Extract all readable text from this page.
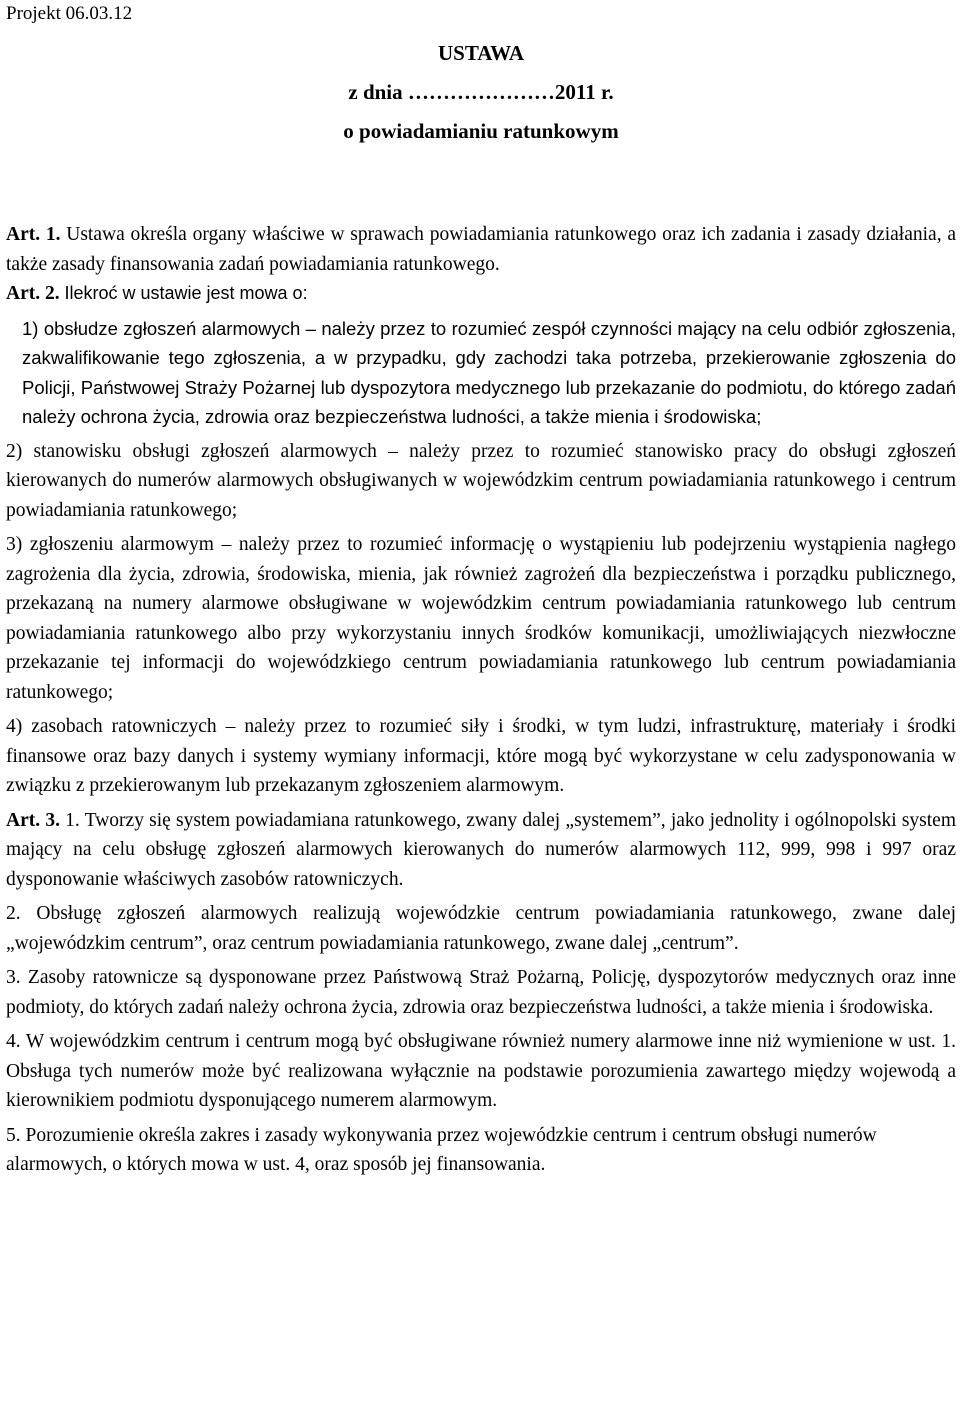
Projekt 06.03.12
USTAWA
z dnia …………………2011 r.
o powiadamianiu ratunkowym

Art. 1. Ustawa określa organy właściwe w sprawach powiadamiania ratunkowego oraz ich zadania i zasady działania, a także zasady finansowania zadań powiadamiania ratunkowego.

Art. 2. Ilekroć w ustawie jest mowa o:

1) obsłudze zgłoszeń alarmowych – należy przez to rozumieć zespół czynności mający na celu odbiór zgłoszenia, zakwalifikowanie tego zgłoszenia, a w przypadku, gdy zachodzi taka potrzeba, przekierowanie zgłoszenia do Policji, Państwowej Straży Pożarnej lub dyspozytora medycznego lub przekazanie do podmiotu, do którego zadań należy ochrona życia, zdrowia oraz bezpieczeństwa ludności, a także mienia i środowiska;

2) stanowisku obsługi zgłoszeń alarmowych – należy przez to rozumieć stanowisko pracy do obsługi zgłoszeń kierowanych do numerów alarmowych obsługiwanych w wojewódzkim centrum powiadamiania ratunkowego i centrum powiadamiania ratunkowego;

3) zgłoszeniu alarmowym – należy przez to rozumieć informację o wystąpieniu lub podejrzeniu wystąpienia nagłego zagrożenia dla życia, zdrowia, środowiska, mienia, jak również zagrożeń dla bezpieczeństwa i porządku publicznego, przekazaną na numery alarmowe obsługiwane w wojewódzkim centrum powiadamiania ratunkowego lub centrum powiadamiania ratunkowego albo przy wykorzystaniu innych środków komunikacji, umożliwiających niezwłoczne przekazanie tej informacji do wojewódzkiego centrum powiadamiania ratunkowego lub centrum powiadamiania ratunkowego;

4) zasobach ratowniczych – należy przez to rozumieć siły i środki, w tym ludzi, infrastrukturę, materiały i środki finansowe oraz bazy danych i systemy wymiany informacji, które mogą być wykorzystane w celu zadysponowania w związku z przekierowanym lub przekazanym zgłoszeniem alarmowym.

Art. 3. 1. Tworzy się system powiadamiana ratunkowego, zwany dalej „systemem”, jako jednolity i ogólnopolski system mający na celu obsługę zgłoszeń alarmowych kierowanych do numerów alarmowych 112, 999, 998 i 997 oraz dysponowanie właściwych zasobów ratowniczych.

2. Obsługę zgłoszeń alarmowych realizują wojewódzkie centrum powiadamiania ratunkowego, zwane dalej „wojewódzkim centrum”, oraz centrum powiadamiania ratunkowego, zwane dalej „centrum”.

3. Zasoby ratownicze są dysponowane przez Państwową Straż Pożarną, Policję, dyspozytorów medycznych oraz inne podmioty, do których zadań należy ochrona życia, zdrowia oraz bezpieczeństwa ludności, a także mienia i środowiska.

4. W wojewódzkim centrum i centrum mogą być obsługiwane również numery alarmowe inne niż wymienione w ust. 1. Obsługa tych numerów może być realizowana wyłącznie na podstawie porozumienia zawartego między wojewodą a kierownikiem podmiotu dysponującego numerem alarmowym.

5. Porozumienie określa zakres i zasady wykonywania przez wojewódzkie centrum i centrum obsługi numerów alarmowych, o których mowa w ust. 4, oraz sposób jej finansowania.
